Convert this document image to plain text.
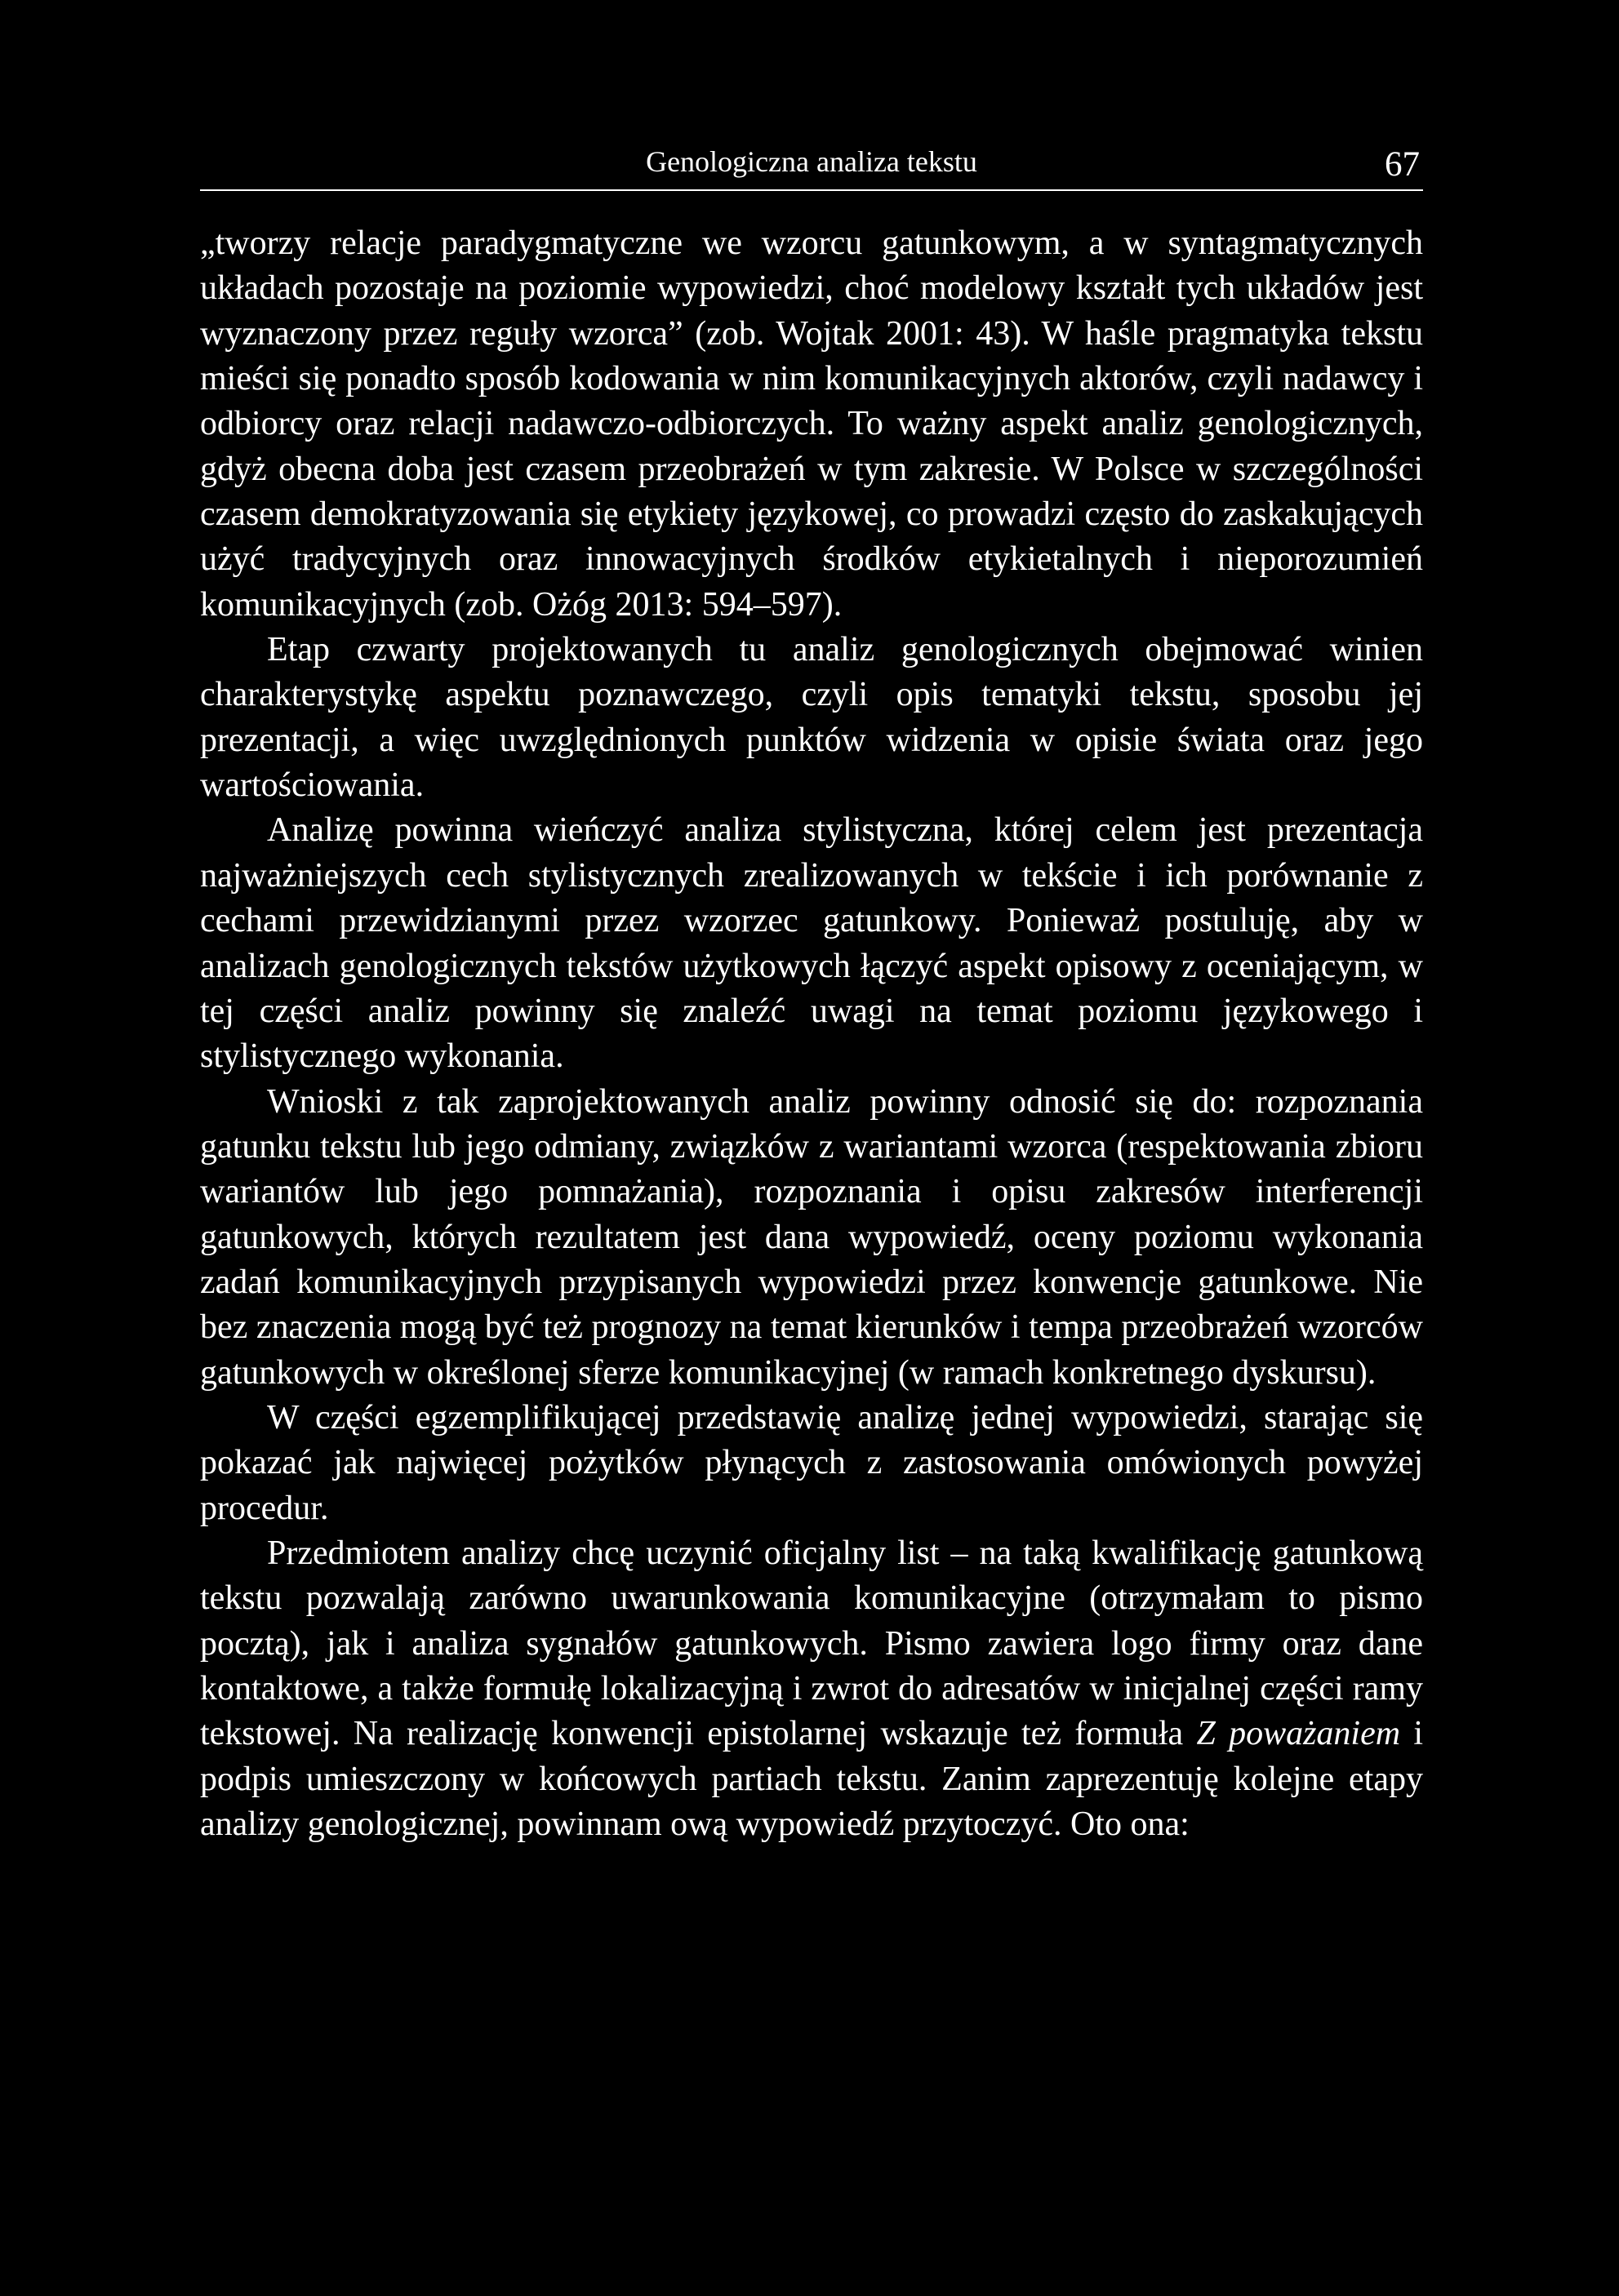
Genologiczna analiza tekstu	67

„tworzy relacje paradygmatyczne we wzorcu gatunkowym, a w syntagmatycznych układach pozostaje na poziomie wypowiedzi, choć modelowy kształt tych układów jest wyznaczony przez reguły wzorca” (zob. Wojtak 2001: 43). W haśle pragmatyka tekstu mieści się ponadto sposób kodowania w nim komunikacyjnych aktorów, czyli nadawcy i odbiorcy oraz relacji nadawczo-odbiorczych. To ważny aspekt analiz genologicznych, gdyż obecna doba jest czasem przeobrażeń w tym zakresie. W Polsce w szczególności czasem demokratyzowania się etykiety językowej, co prowadzi często do zaskakujących użyć tradycyjnych oraz innowacyjnych środków etykietalnych i nieporozumień komunikacyjnych (zob. Ożóg 2013: 594–597).

Etap czwarty projektowanych tu analiz genologicznych obejmować winien charakterystykę aspektu poznawczego, czyli opis tematyki tekstu, sposobu jej prezentacji, a więc uwzględnionych punktów widzenia w opisie świata oraz jego wartościowania.

Analizę powinna wieńczyć analiza stylistyczna, której celem jest prezentacja najważniejszych cech stylistycznych zrealizowanych w tekście i ich porównanie z cechami przewidzianymi przez wzorzec gatunkowy. Ponieważ postuluję, aby w analizach genologicznych tekstów użytkowych łączyć aspekt opisowy z oceniającym, w tej części analiz powinny się znaleźć uwagi na temat poziomu językowego i stylistycznego wykonania.

Wnioski z tak zaprojektowanych analiz powinny odnosić się do: rozpoznania gatunku tekstu lub jego odmiany, związków z wariantami wzorca (respektowania zbioru wariantów lub jego pomnażania), rozpoznania i opisu zakresów interferencji gatunkowych, których rezultatem jest dana wypowiedź, oceny poziomu wykonania zadań komunikacyjnych przypisanych wypowiedzi przez konwencje gatunkowe. Nie bez znaczenia mogą być też prognozy na temat kierunków i tempa przeobrażeń wzorców gatunkowych w określonej sferze komunikacyjnej (w ramach konkretnego dyskursu).

W części egzemplifikującej przedstawię analizę jednej wypowiedzi, starając się pokazać jak najwięcej pożytków płynących z zastosowania omówionych powyżej procedur.

Przedmiotem analizy chcę uczynić oficjalny list – na taką kwalifikację gatunkową tekstu pozwalają zarówno uwarunkowania komunikacyjne (otrzymałam to pismo pocztą), jak i analiza sygnałów gatunkowych. Pismo zawiera logo firmy oraz dane kontaktowe, a także formułę lokalizacyjną i zwrot do adresatów w inicjalnej części ramy tekstowej. Na realizację konwencji epistolarnej wskazuje też formuła Z poważaniem i podpis umieszczony w końcowych partiach tekstu. Zanim zaprezentuję kolejne etapy analizy genologicznej, powinnam ową wypowiedź przytoczyć. Oto ona:
